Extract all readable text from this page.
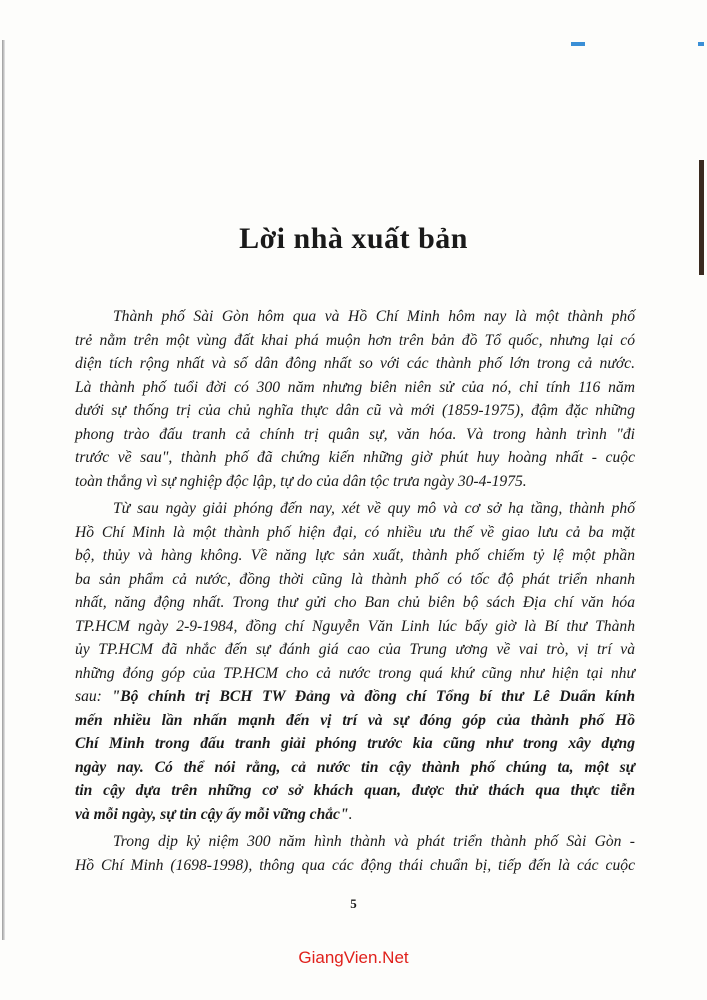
Lời nhà xuất bản
Thành phố Sài Gòn hôm qua và Hồ Chí Minh hôm nay là một thành phố
trẻ nằm trên một vùng đất khai phá muộn hơn trên bản đồ Tổ quốc, nhưng lại có
diện tích rộng nhất và số dân đông nhất so với các thành phố lớn trong cả nước.
Là thành phố tuổi đời có 300 năm nhưng biên niên sử của nó, chỉ tính 116 năm
dưới sự thống trị của chủ nghĩa thực dân cũ và mới (1859-1975), đậm đặc những
phong trào đấu tranh cả chính trị quân sự, văn hóa. Và trong hành trình "đi
trước về sau", thành phố đã chứng kiến những giờ phút huy hoàng nhất - cuộc
toàn thắng vì sự nghiệp độc lập, tự do của dân tộc trưa ngày 30-4-1975.
Từ sau ngày giải phóng đến nay, xét về quy mô và cơ sở hạ tầng, thành phố
Hồ Chí Minh là một thành phố hiện đại, có nhiều ưu thế về giao lưu cả ba mặt
bộ, thủy và hàng không. Về năng lực sản xuất, thành phố chiếm tỷ lệ một phần
ba sản phẩm cả nước, đồng thời cũng là thành phố có tốc độ phát triển nhanh
nhất, năng động nhất. Trong thư gửi cho Ban chủ biên bộ sách Địa chí văn hóa
TP.HCM ngày 2-9-1984, đồng chí Nguyễn Văn Linh lúc bấy giờ là Bí thư Thành
ủy TP.HCM đã nhắc đến sự đánh giá cao của Trung ương về vai trò, vị trí và
những đóng góp của TP.HCM cho cả nước trong quá khứ cũng như hiện tại như
sau: "Bộ chính trị BCH TW Đảng và đồng chí Tổng bí thư Lê Duẩn kính
mến nhiều lần nhấn mạnh đến vị trí và sự đóng góp của thành phố Hồ
Chí Minh trong đấu tranh giải phóng trước kia cũng như trong xây dựng
ngày nay. Có thể nói rằng, cả nước tin cậy thành phố chúng ta, một sự
tin cậy dựa trên những cơ sở khách quan, được thử thách qua thực tiễn
và mỗi ngày, sự tin cậy ấy mỗi vững chắc".
Trong dịp kỷ niệm 300 năm hình thành và phát triển thành phố Sài Gòn -
Hồ Chí Minh (1698-1998), thông qua các động thái chuẩn bị, tiếp đến là các cuộc
5
GiangVien.Net
